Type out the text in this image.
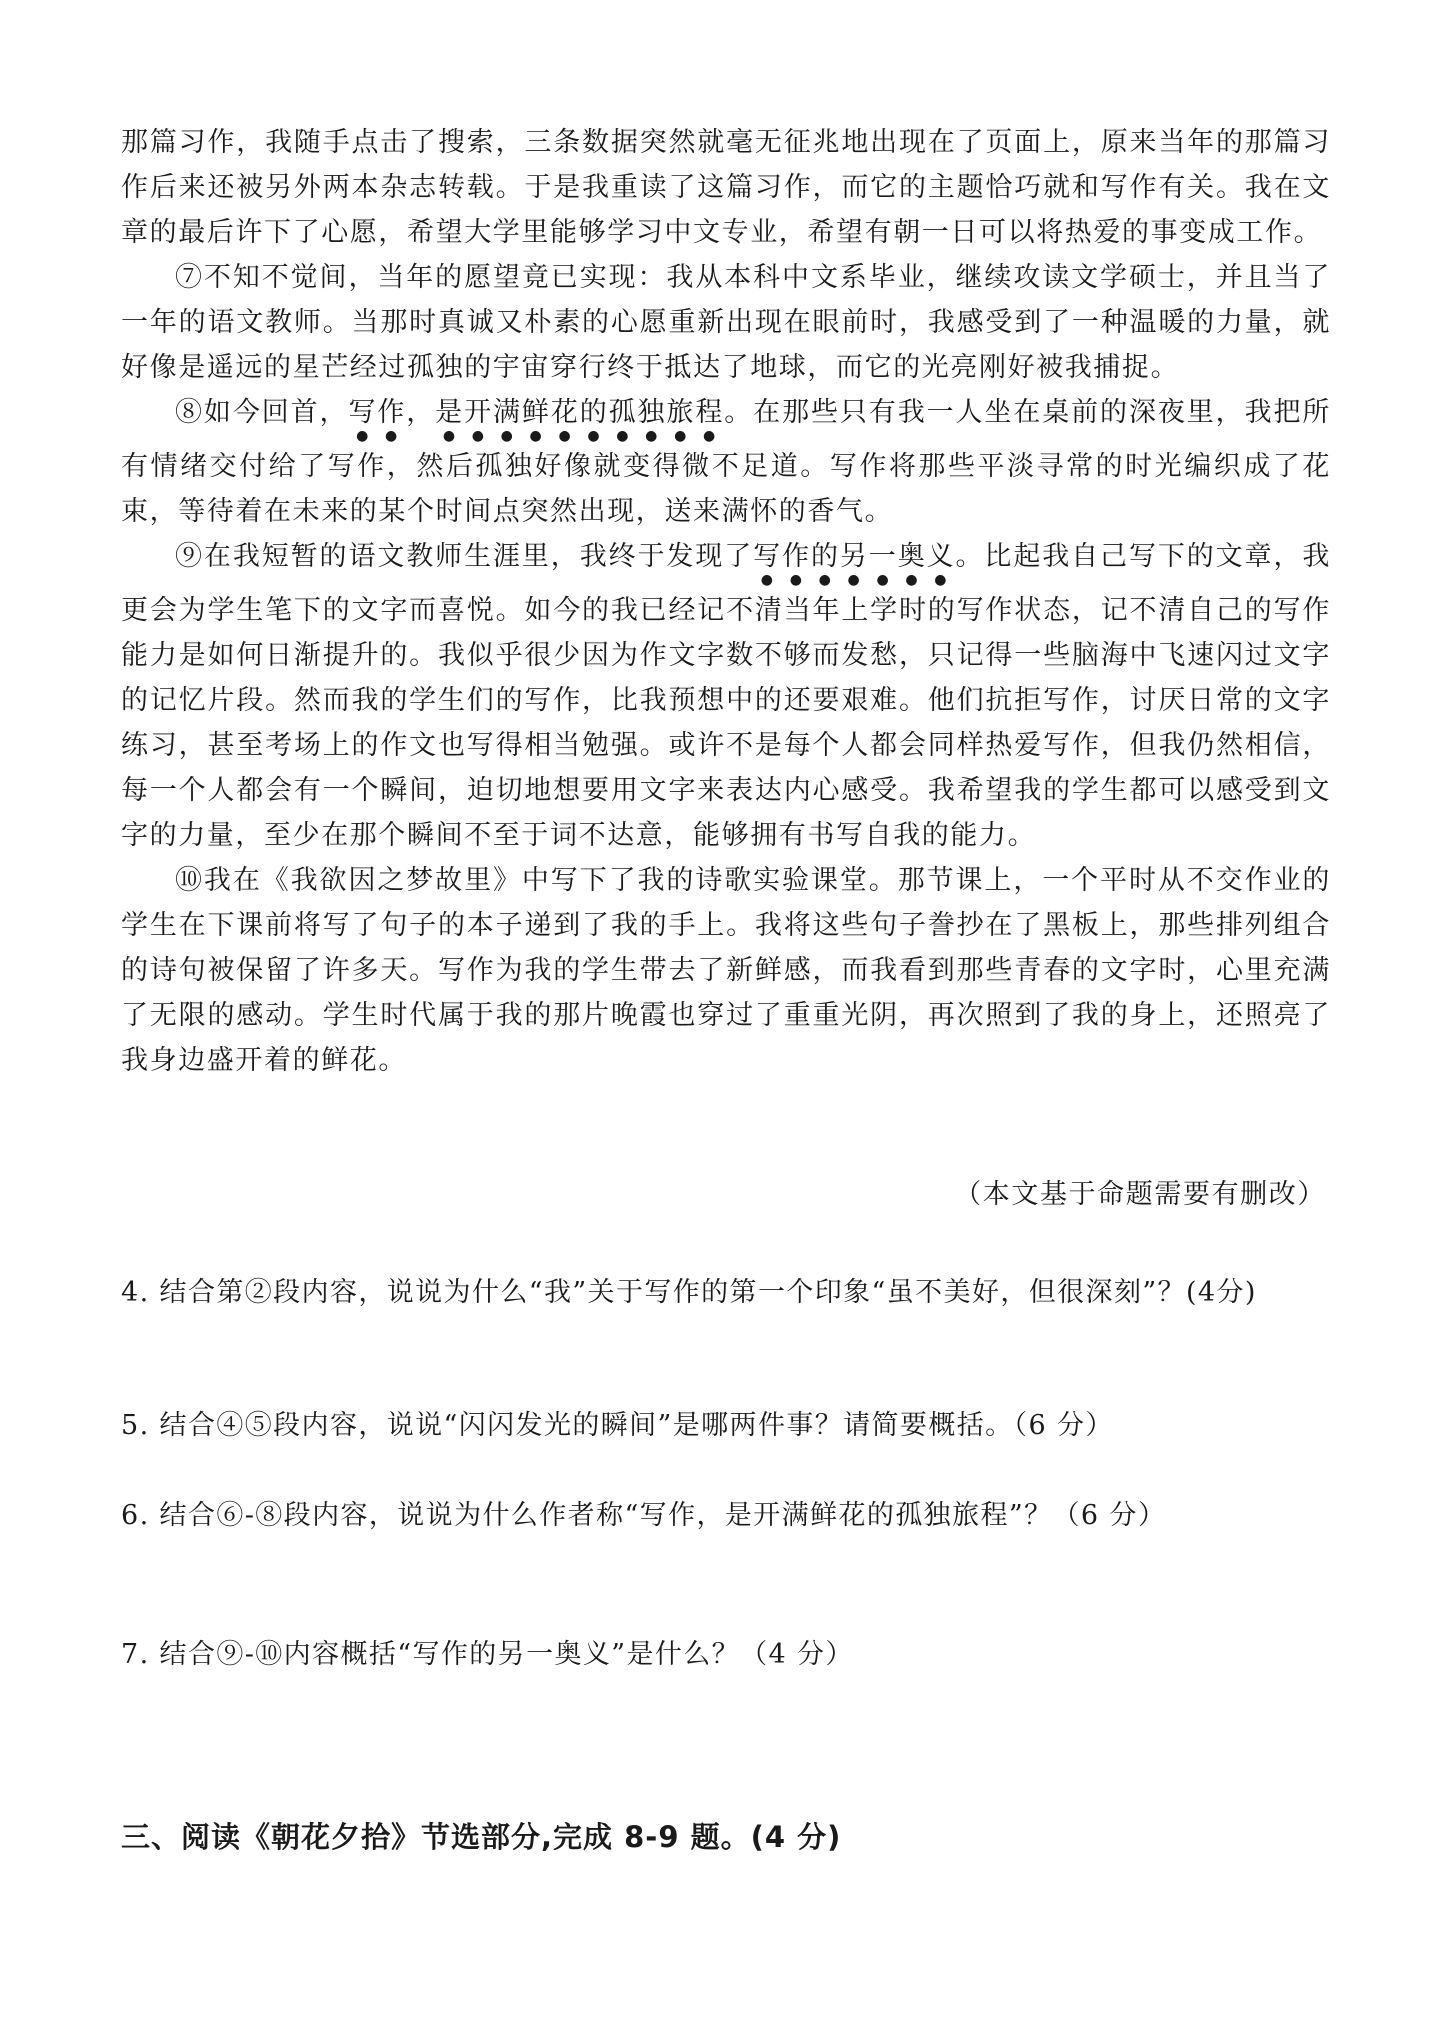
那篇习作，我随手点击了搜索，三条数据突然就毫无征兆地出现在了页面上，原来当年的那篇习作后来还被另外两本杂志转载。于是我重读了这篇习作，而它的主题恰巧就和写作有关。我在文章的最后许下了心愿，希望大学里能够学习中文专业，希望有朝一日可以将热爱的事变成工作。

⑦不知不觉间，当年的愿望竟已实现：我从本科中文系毕业，继续攻读文学硕士，并且当了一年的语文教师。当那时真诚又朴素的心愿重新出现在眼前时，我感受到了一种温暖的力量，就好像是遥远的星芒经过孤独的宇宙穿行终于抵达了地球，而它的光亮刚好被我捕捉。

⑧如今回首，写作，是开满鲜花的孤独旅程。在那些只有我一人坐在桌前的深夜里，我把所有情绪交付给了写作，然后孤独好像就变得微不足道。写作将那些平淡寻常的时光编织成了花束，等待着在未来的某个时间点突然出现，送来满怀的香气。

⑨在我短暂的语文教师生涯里，我终于发现了写作的另一奥义。比起我自己写下的文章，我更会为学生笔下的文字而喜悦。如今的我已经记不清当年上学时的写作状态，记不清自己的写作能力是如何日渐提升的。我似乎很少因为作文字数不够而发愁，只记得一些脑海中飞速闪过文字的记忆片段。然而我的学生们的写作，比我预想中的还要艰难。他们抗拒写作，讨厌日常的文字练习，甚至考场上的作文也写得相当勉强。或许不是每个人都会同样热爱写作，但我仍然相信，每一个人都会有一个瞬间，迫切地想要用文字来表达内心感受。我希望我的学生都可以感受到文字的力量，至少在那个瞬间不至于词不达意，能够拥有书写自我的能力。

⑩我在《我欲因之梦故里》中写下了我的诗歌实验课堂。那节课上，一个平时从不交作业的学生在下课前将写了句子的本子递到了我的手上。我将这些句子誊抄在了黑板上，那些排列组合的诗句被保留了许多天。写作为我的学生带去了新鲜感，而我看到那些青春的文字时，心里充满了无限的感动。学生时代属于我的那片晚霞也穿过了重重光阴，再次照到了我的身上，还照亮了我身边盛开着的鲜花。

（本文基于命题需要有删改）
4. 结合第②段内容，说说为什么“我”关于写作的第一个印象“虽不美好，但很深刻”？(4分)
5. 结合④⑤段内容，说说“闪闪发光的瞬间”是哪两件事？请简要概括。（6 分）
6. 结合⑥-⑧段内容，说说为什么作者称“写作，是开满鲜花的孤独旅程”？（6 分）
7. 结合⑨-⑩内容概括“写作的另一奥义”是什么？（4 分）
三、阅读《朝花夕拾》节选部分,完成 8-9 题。(4 分)
